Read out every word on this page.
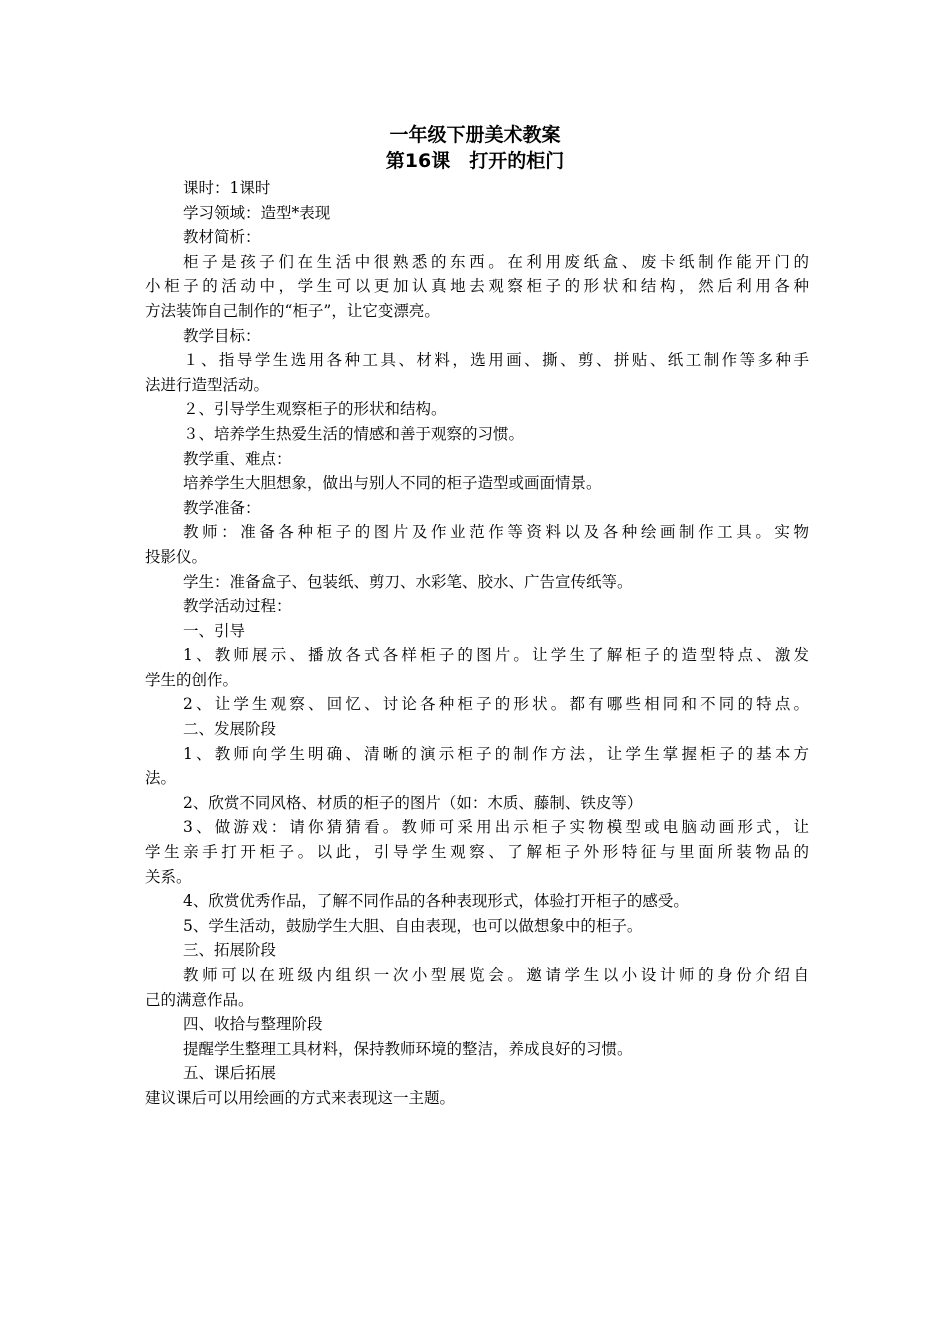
一年级下册美术教案
第16课　打开的柜门
课时：1课时
学习领域：造型*表现
教材简析：
柜子是孩子们在生活中很熟悉的东西。在利用废纸盒、废卡纸制作能开门的
小柜子的活动中，学生可以更加认真地去观察柜子的形状和结构，然后利用各种
方法装饰自己制作的“柜子”，让它变漂亮。
教学目标：
１、指导学生选用各种工具、材料，选用画、撕、剪、拼贴、纸工制作等多种手
法进行造型活动。
２、引导学生观察柜子的形状和结构。
３、培养学生热爱生活的情感和善于观察的习惯。
教学重、难点：
培养学生大胆想象，做出与别人不同的柜子造型或画面情景。
教学准备：
教师：准备各种柜子的图片及作业范作等资料以及各种绘画制作工具。实物
投影仪。
学生：准备盒子、包装纸、剪刀、水彩笔、胶水、广告宣传纸等。
教学活动过程：
一、引导
1、教师展示、播放各式各样柜子的图片。让学生了解柜子的造型特点、激发
学生的创作。
2、让学生观察、回忆、讨论各种柜子的形状。都有哪些相同和不同的特点。
二、发展阶段
1、教师向学生明确、清晰的演示柜子的制作方法，让学生掌握柜子的基本方
法。
2、欣赏不同风格、材质的柜子的图片（如：木质、藤制、铁皮等）
3、做游戏：请你猜猜看。教师可采用出示柜子实物模型或电脑动画形式，让
学生亲手打开柜子。以此，引导学生观察、了解柜子外形特征与里面所装物品的
关系。
4、欣赏优秀作品，了解不同作品的各种表现形式，体验打开柜子的感受。
5、学生活动，鼓励学生大胆、自由表现，也可以做想象中的柜子。
三、拓展阶段
教师可以在班级内组织一次小型展览会。邀请学生以小设计师的身份介绍自
己的满意作品。
四、收拾与整理阶段
提醒学生整理工具材料，保持教师环境的整洁，养成良好的习惯。
五、课后拓展
建议课后可以用绘画的方式来表现这一主题。
